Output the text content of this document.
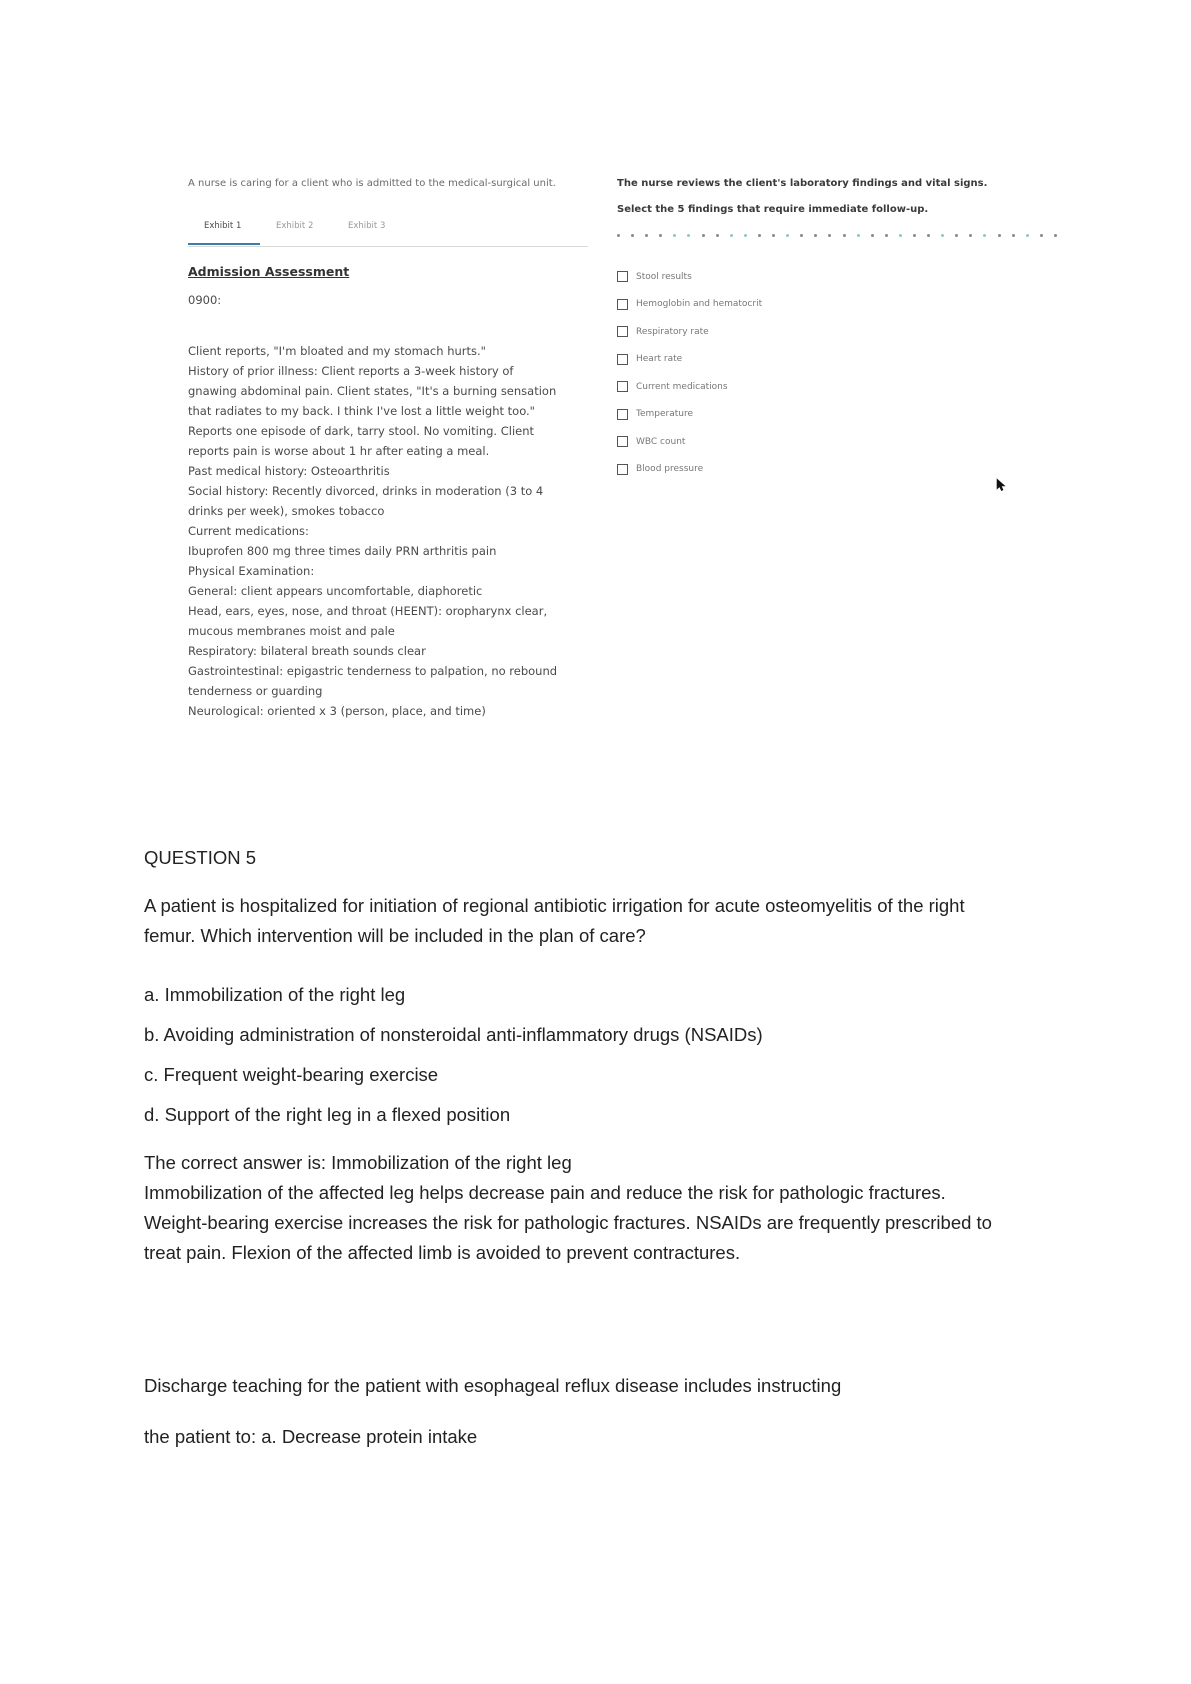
A nurse is caring for a client who is admitted to the medical-surgical unit.
Exhibit 1	Exhibit 2	Exhibit 3
Admission Assessment
0900:
Client reports, "I'm bloated and my stomach hurts."
History of prior illness: Client reports a 3-week history of
gnawing abdominal pain. Client states, "It's a burning sensation
that radiates to my back. I think I've lost a little weight too."
Reports one episode of dark, tarry stool. No vomiting. Client
reports pain is worse about 1 hr after eating a meal.
Past medical history: Osteoarthritis
Social history: Recently divorced, drinks in moderation (3 to 4
drinks per week), smokes tobacco
Current medications:
Ibuprofen 800 mg three times daily PRN arthritis pain
Physical Examination:
General: client appears uncomfortable, diaphoretic
Head, ears, eyes, nose, and throat (HEENT): oropharynx clear,
mucous membranes moist and pale
Respiratory: bilateral breath sounds clear
Gastrointestinal: epigastric tenderness to palpation, no rebound
tenderness or guarding
Neurological: oriented x 3 (person, place, and time)
The nurse reviews the client's laboratory findings and vital signs.
Select the 5 findings that require immediate follow-up.
Stool results
Hemoglobin and hematocrit
Respiratory rate
Heart rate
Current medications
Temperature
WBC count
Blood pressure
QUESTION 5
A patient is hospitalized for initiation of regional antibiotic irrigation for acute osteomyelitis of the right
femur. Which intervention will be included in the plan of care?
a. Immobilization of the right leg
b. Avoiding administration of nonsteroidal anti-inflammatory drugs (NSAIDs)
c. Frequent weight-bearing exercise
d. Support of the right leg in a flexed position
The correct answer is: Immobilization of the right leg
Immobilization of the affected leg helps decrease pain and reduce the risk for pathologic fractures.
Weight-bearing exercise increases the risk for pathologic fractures. NSAIDs are frequently prescribed to
treat pain. Flexion of the affected limb is avoided to prevent contractures.
Discharge teaching for the patient with esophageal reflux disease includes instructing
the patient to: a. Decrease protein intake
